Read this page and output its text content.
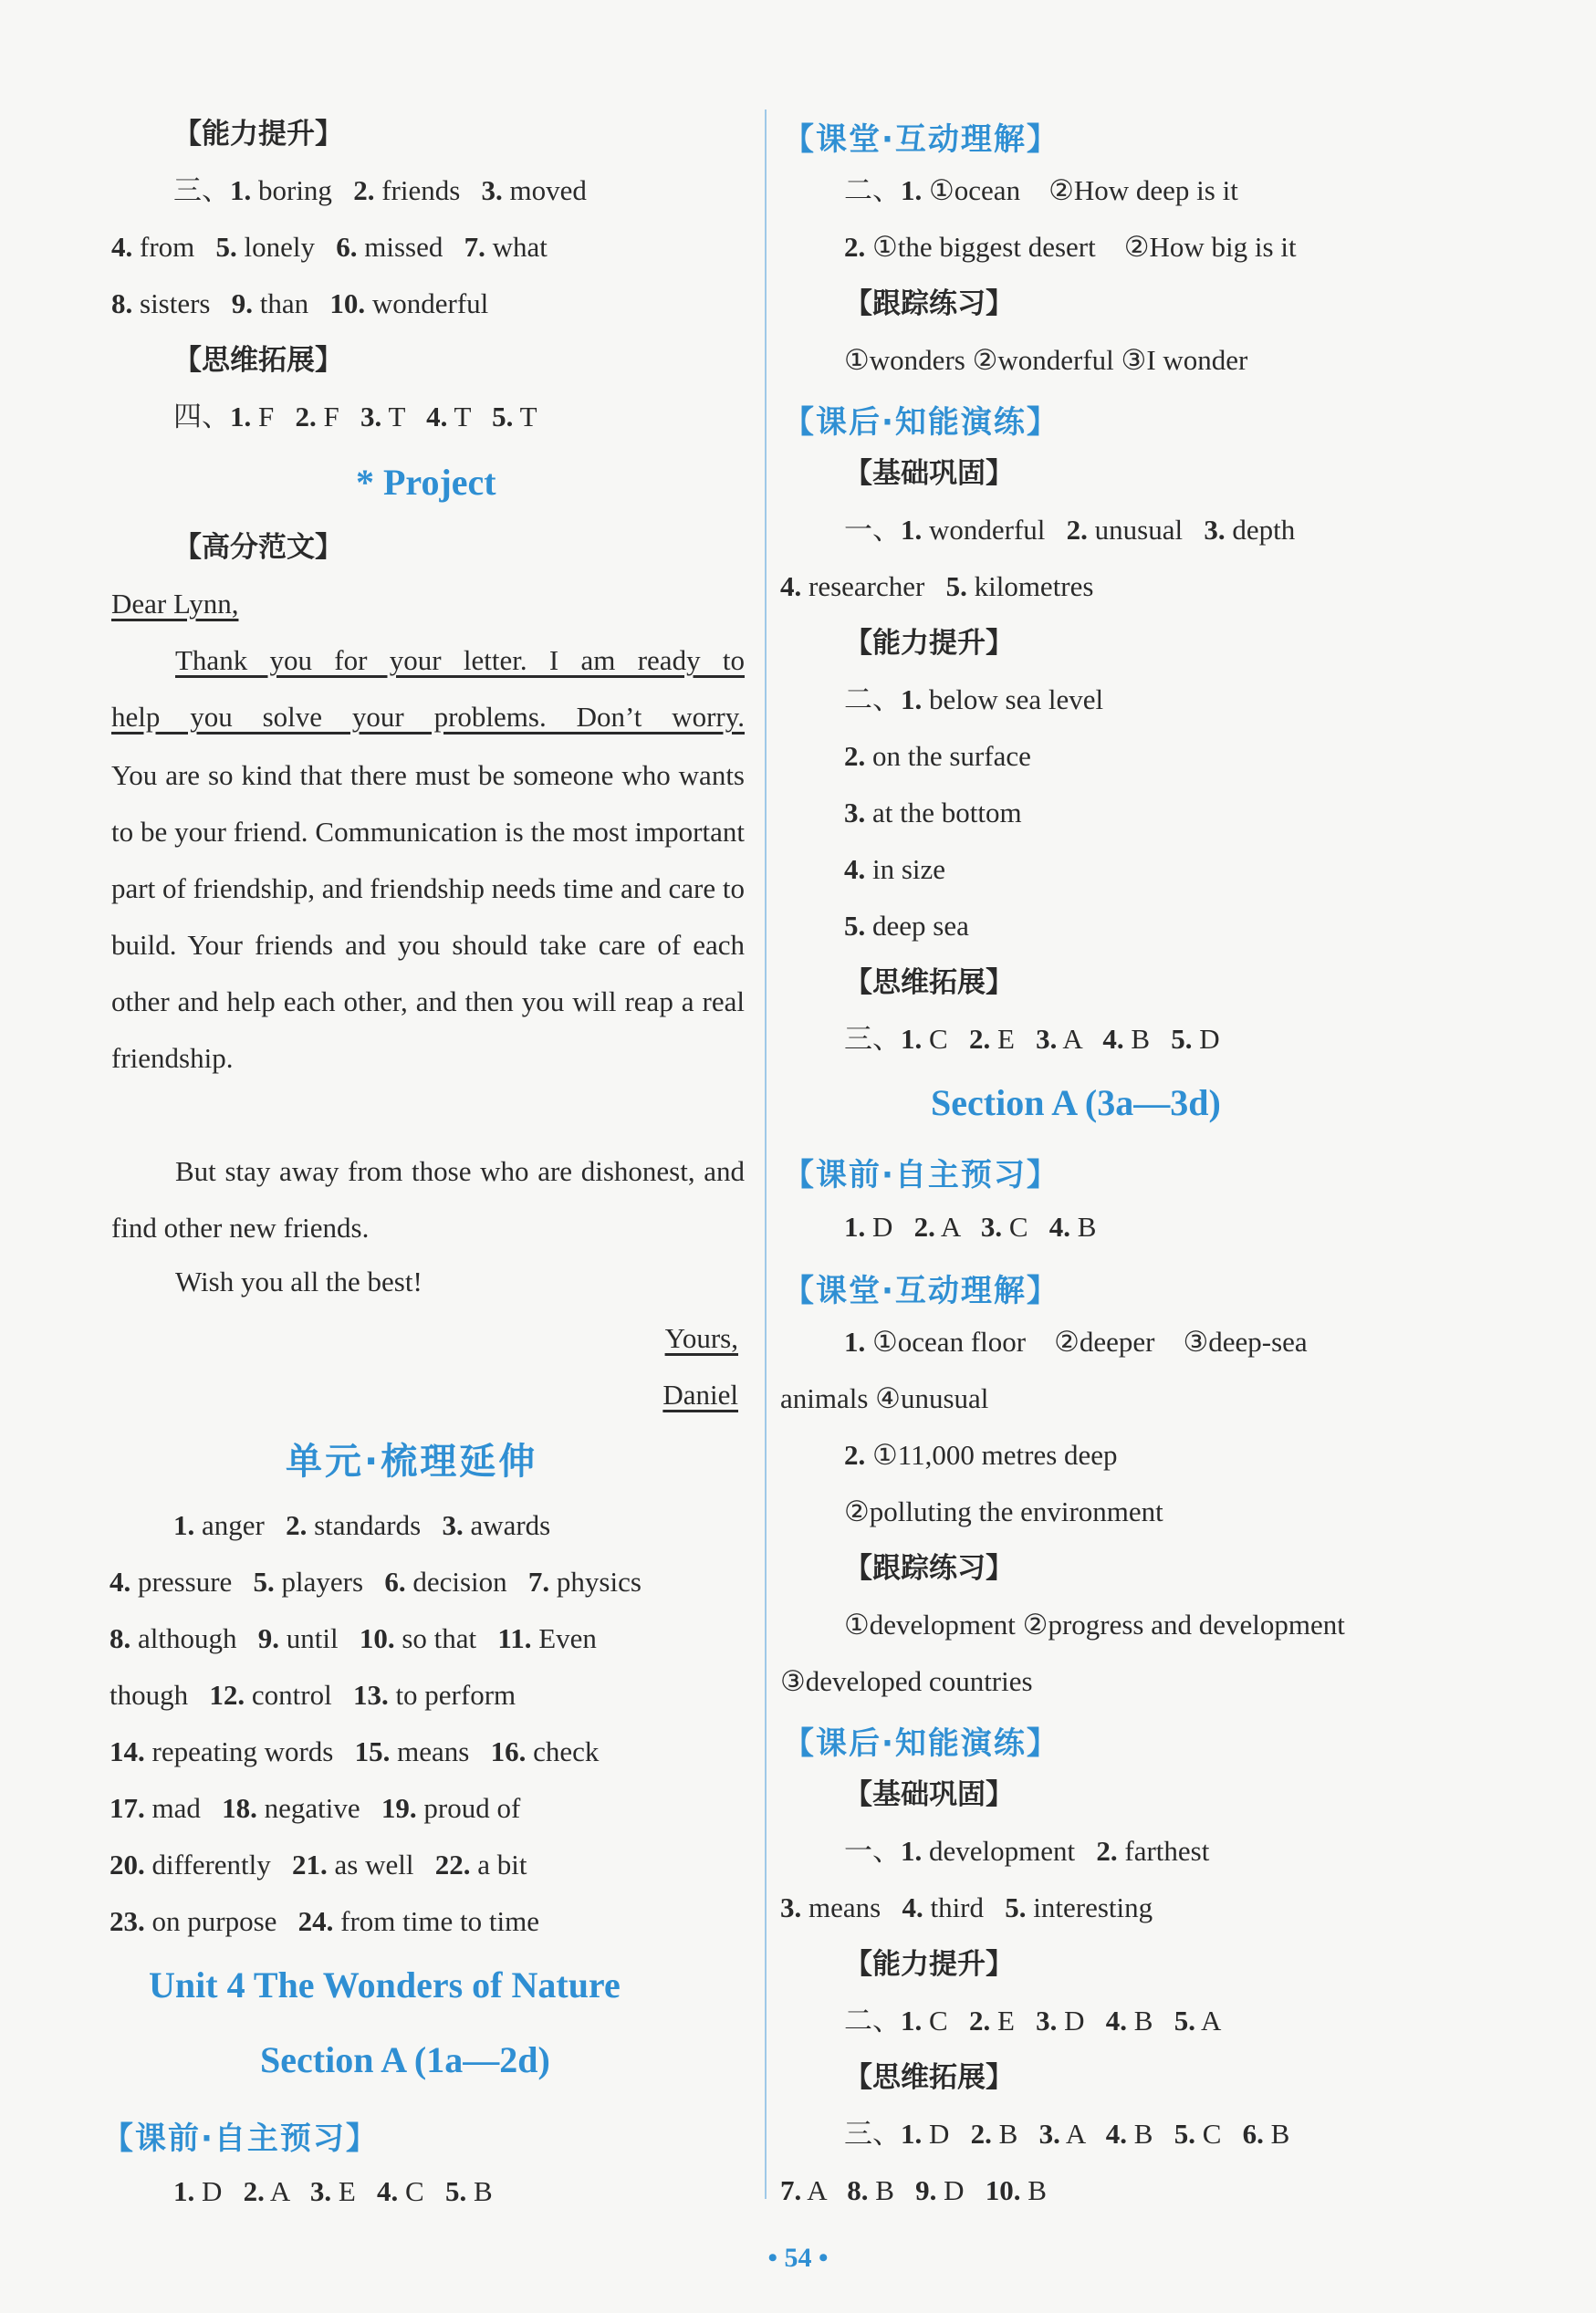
【能力提升】
三、1. boring   2. friends   3. moved
4. from   5. lonely   6. missed   7. what
8. sisters   9. than   10. wonderful
【思维拓展】
四、1. F   2. F   3. T   4. T   5. T
* Project
【高分范文】
Dear Lynn,
Thank you for your letter. I am ready to
help you solve your problems. Don’t worry.
You are so kind that there must be someone who wants to be your friend. Communication is the most important part of friendship, and friendship needs time and care to build. Your friends and you should take care of each other and help each other, and then you will reap a real friendship.
But stay away from those who are dishonest, and find other new friends.
Wish you all the best!
Yours,
Daniel
单元·梳理延伸
1. anger   2. standards   3. awards
4. pressure   5. players   6. decision   7. physics
8. although   9. until   10. so that   11. Even
though   12. control   13. to perform
14. repeating words   15. means   16. check
17. mad   18. negative   19. proud of
20. differently   21. as well   22. a bit
23. on purpose   24. from time to time
Unit 4 The Wonders of Nature
Section A (1a—2d)
【课前·自主预习】
1. D   2. A   3. E   4. C   5. B
【课堂·互动理解】
二、1. ①ocean    ②How deep is it
2. ①the biggest desert    ②How big is it
【跟踪练习】
①wonders ②wonderful ③I wonder
【课后·知能演练】
【基础巩固】
一、1. wonderful   2. unusual   3. depth
4. researcher   5. kilometres
【能力提升】
二、1. below sea level
2. on the surface
3. at the bottom
4. in size
5. deep sea
【思维拓展】
三、1. C   2. E   3. A   4. B   5. D
Section A (3a—3d)
【课前·自主预习】
1. D   2. A   3. C   4. B
【课堂·互动理解】
1. ①ocean floor    ②deeper    ③deep-sea
animals ④unusual
2. ①11,000 metres deep
②polluting the environment
【跟踪练习】
①development ②progress and development
③developed countries
【课后·知能演练】
【基础巩固】
一、1. development   2. farthest
3. means   4. third   5. interesting
【能力提升】
二、1. C   2. E   3. D   4. B   5. A
【思维拓展】
三、1. D   2. B   3. A   4. B   5. C   6. B
7. A   8. B   9. D   10. B
• 54 •
